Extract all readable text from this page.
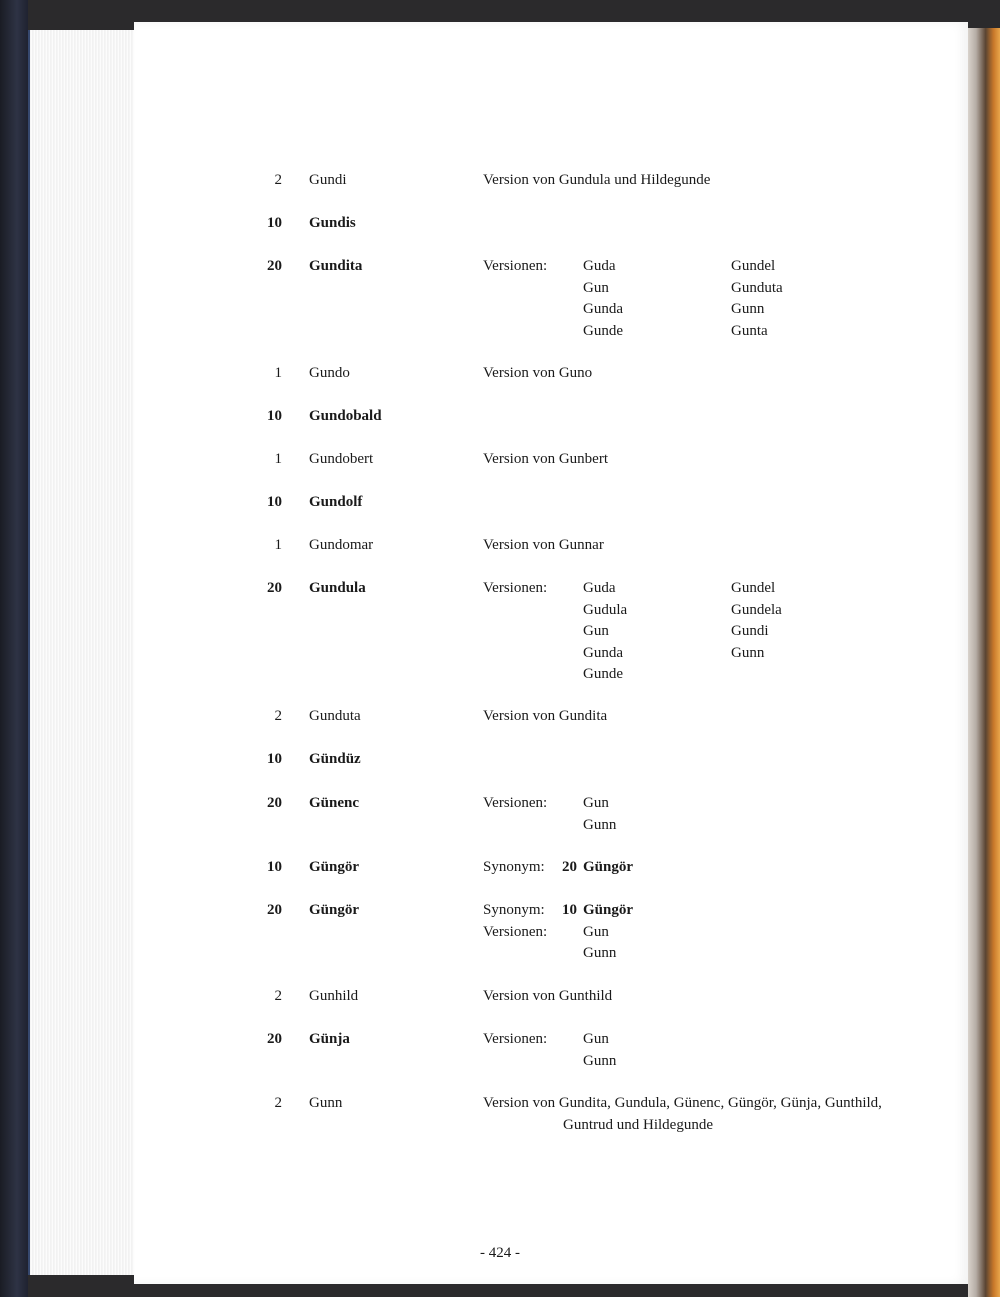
2 Gundi	Version von Gundula und Hildegunde
10 Gundis
20 Gundita	Versionen: Guda	Gundel
Gun	Gunduta
Gunda	Gunn
Gunde	Gunta
1 Gundo	Version von Guno
10 Gundobald
1 Gundobert	Version von Gunbert
10 Gundolf
1 Gundomar	Version von Gunnar
20 Gundula	Versionen: Guda	Gundel
Gudula	Gundela
Gun	Gundi
Gunda	Gunn
Gunde
2 Gunduta	Version von Gundita
10 Gündüz
20 Günenc	Versionen: Gun
Gunn
10 Güngör	Synonym: 20 Güngör
20 Güngör	Synonym: 10 Güngör
Versionen: Gun
Gunn
2 Gunhild	Version von Gunthild
20 Günja	Versionen: Gun
Gunn
2 Gunn	Version von Gundita, Gundula, Günenc, Güngör, Günja, Gunthild,
Guntrud und Hildegunde
- 424 -
